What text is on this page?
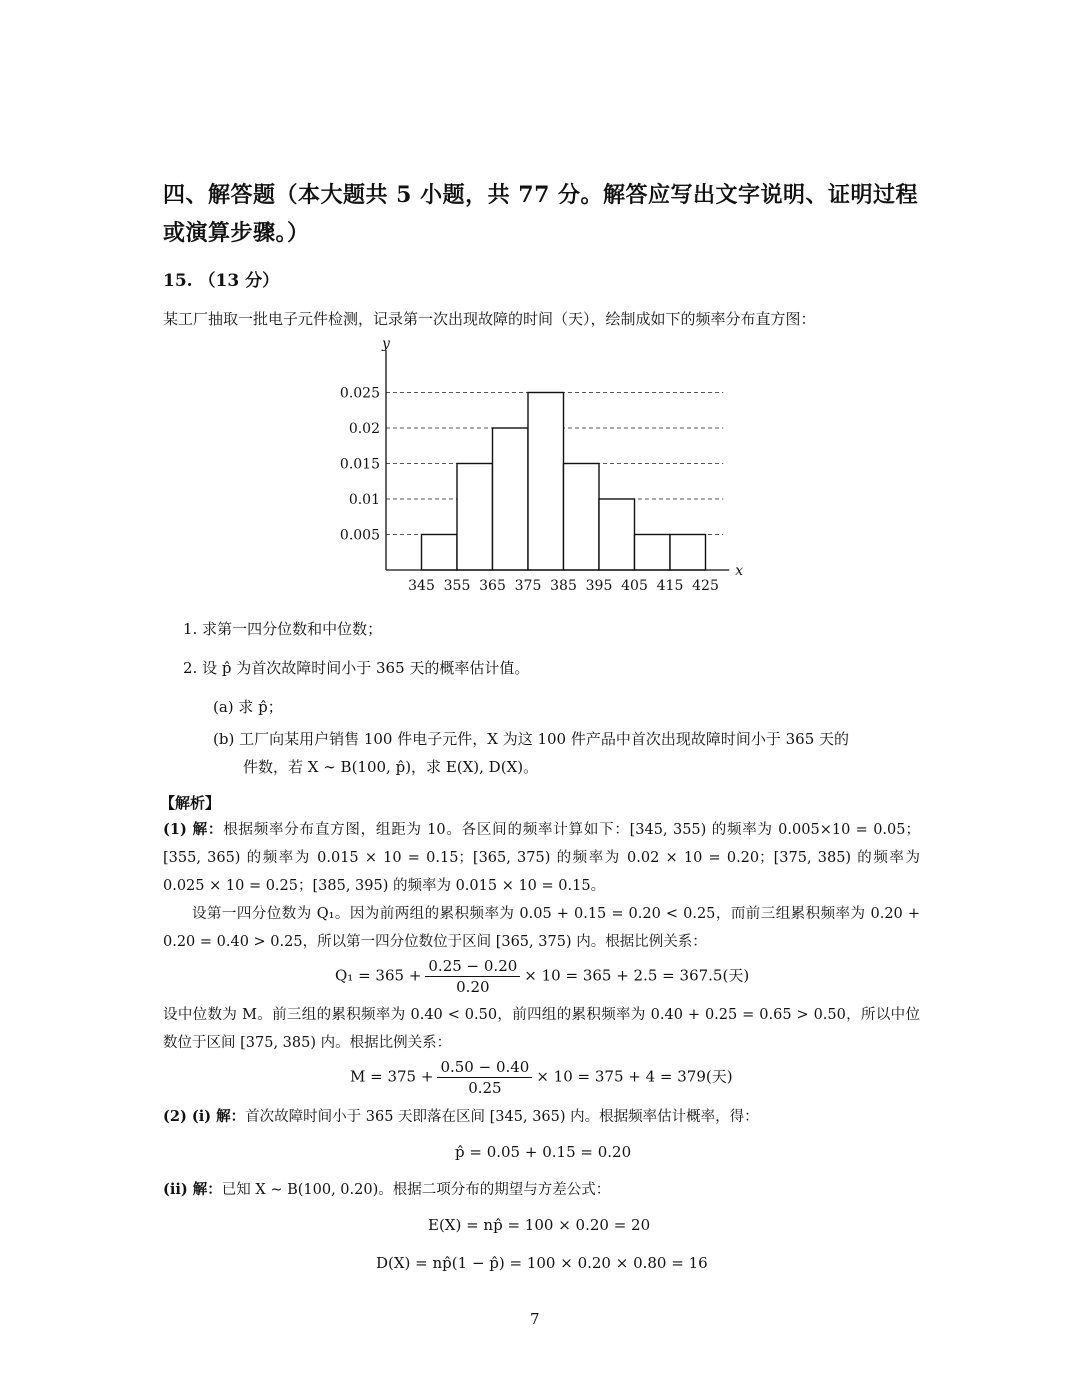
四、解答题（本大题共 5 小题，共 77 分。解答应写出文字说明、证明过程或演算步骤。）
15. （13 分）
某工厂抽取一批电子元件检测，记录第一次出现故障的时间（天），绘制成如下的频率分布直方图：
0.005
0.01
0.015
0.02
0.025
x
y
345 355 365 375 385 395 405 415 425
1. 求第一四分位数和中位数；
2. 设 p̂ 为首次故障时间小于 365 天的概率估计值。
(a) 求 p̂；
(b) 工厂向某用户销售 100 件电子元件，X 为这 100 件产品中首次出现故障时间小于 365 天的
件数，若 X ∼ B(100, p̂)，求 E(X), D(X)。
【解析】
(1) 解：根据频率分布直方图，组距为 10。各区间的频率计算如下：[345, 355) 的频率为 0.005×10 = 0.05；[355, 365) 的频率为 0.015 × 10 = 0.15；[365, 375) 的频率为 0.02 × 10 = 0.20；[375, 385) 的频率为 0.025 × 10 = 0.25；[385, 395) 的频率为 0.015 × 10 = 0.15。
设第一四分位数为 Q₁。因为前两组的累积频率为 0.05 + 0.15 = 0.20 < 0.25，而前三组累积频率为 0.20 + 0.20 = 0.40 > 0.25，所以第一四分位数位于区间 [365, 375) 内。根据比例关系：
$Q_1 = 365 + \frac{0.25 - 0.20}{0.20} \times 10 = 365 + 2.5 = 367.5$(天)
设中位数为 M。前三组的累积频率为 0.40 < 0.50，前四组的累积频率为 0.40 + 0.25 = 0.65 > 0.50，所以中位数位于区间 [375, 385) 内。根据比例关系：
$M = 375 + \frac{0.50 - 0.40}{0.25} \times 10 = 375 + 4 = 379$(天)
(2) (i) 解：首次故障时间小于 365 天即落在区间 [345, 365) 内。根据频率估计概率，得：
p̂ = 0.05 + 0.15 = 0.20
(ii) 解：已知 X ∼ B(100, 0.20)。根据二项分布的期望与方差公式：
E(X) = np̂ = 100 × 0.20 = 20
D(X) = np̂(1 − p̂) = 100 × 0.20 × 0.80 = 16
7
